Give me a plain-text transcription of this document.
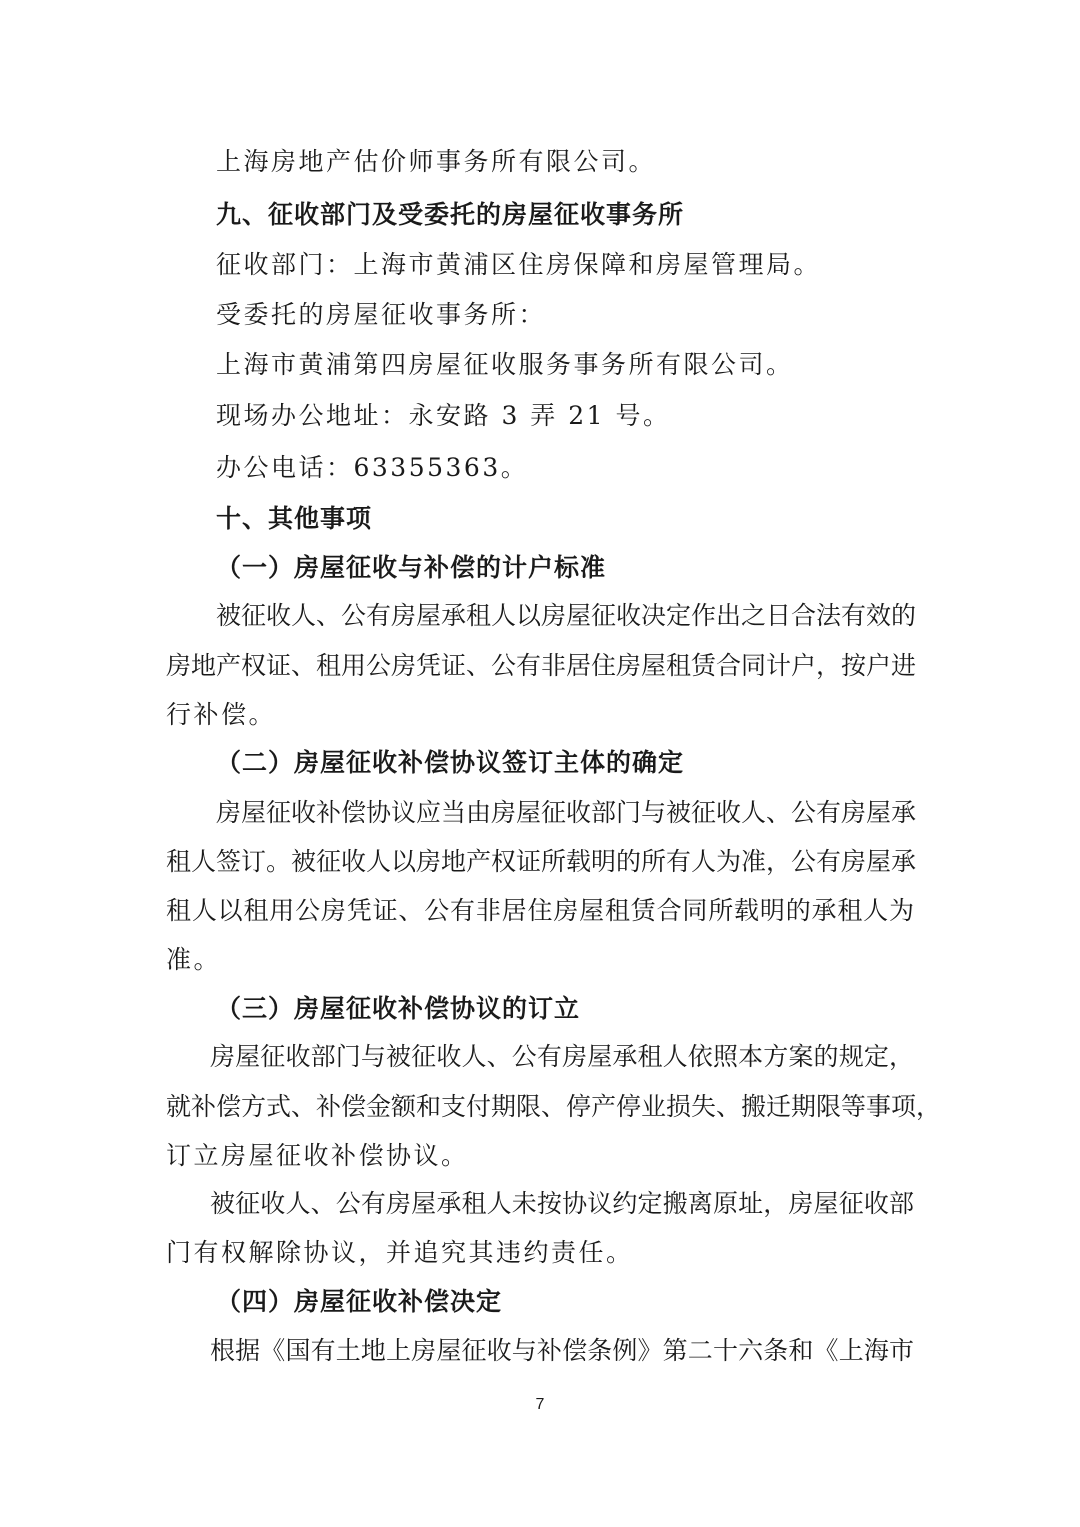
上海房地产估价师事务所有限公司。
九、征收部门及受委托的房屋征收事务所
征收部门：上海市黄浦区住房保障和房屋管理局。
受委托的房屋征收事务所：
上海市黄浦第四房屋征收服务事务所有限公司。
现场办公地址：永安路 3 弄 21 号。
办公电话：63355363。
十、其他事项
（一）房屋征收与补偿的计户标准
被征收人、公有房屋承租人以房屋征收决定作出之日合法有效的
房地产权证、租用公房凭证、公有非居住房屋租赁合同计户，按户进
行补偿。
（二）房屋征收补偿协议签订主体的确定
房屋征收补偿协议应当由房屋征收部门与被征收人、公有房屋承
租人签订。被征收人以房地产权证所载明的所有人为准，公有房屋承
租人以租用公房凭证、公有非居住房屋租赁合同所载明的承租人为
准。
（三）房屋征收补偿协议的订立
房屋征收部门与被征收人、公有房屋承租人依照本方案的规定，
就补偿方式、补偿金额和支付期限、停产停业损失、搬迁期限等事项，
订立房屋征收补偿协议。
被征收人、公有房屋承租人未按协议约定搬离原址，房屋征收部
门有权解除协议，并追究其违约责任。
（四）房屋征收补偿决定
根据《国有土地上房屋征收与补偿条例》第二十六条和《上海市
7
